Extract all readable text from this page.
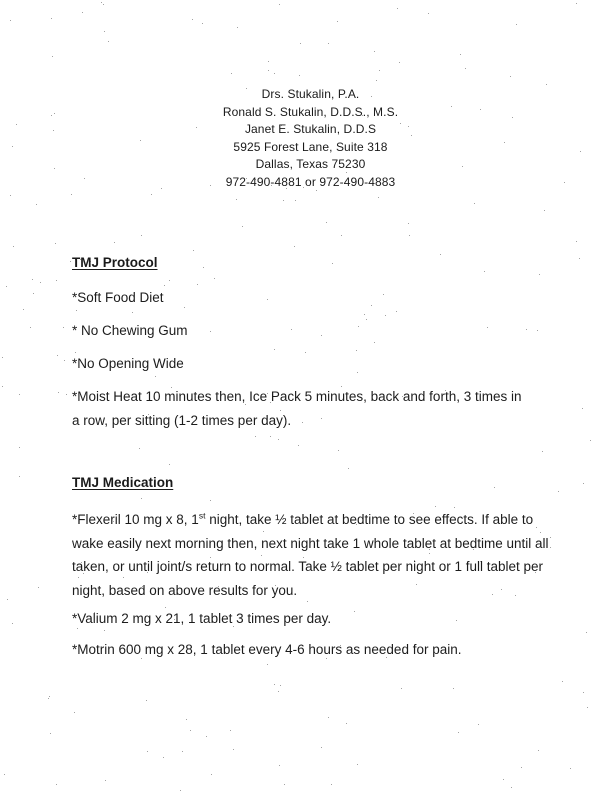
Drs. Stukalin, P.A.
Ronald S. Stukalin, D.D.S., M.S.
Janet E. Stukalin, D.D.S
5925 Forest Lane, Suite 318
Dallas, Texas 75230
972-490-4881 or 972-490-4883
TMJ Protocol
*Soft Food Diet
* No Chewing Gum
*No Opening Wide
*Moist Heat 10 minutes then, Ice Pack 5 minutes, back and forth, 3 times in a row, per sitting (1-2 times per day).
TMJ Medication
*Flexeril 10 mg x 8, 1st night, take ½ tablet at bedtime to see effects. If able to wake easily next morning then, next night take 1 whole tablet at bedtime until all taken, or until joint/s return to normal. Take ½ tablet per night or 1 full tablet per night, based on above results for you.
*Valium 2 mg x 21, 1 tablet 3 times per day.
*Motrin 600 mg x 28, 1 tablet every 4-6 hours as needed for pain.
